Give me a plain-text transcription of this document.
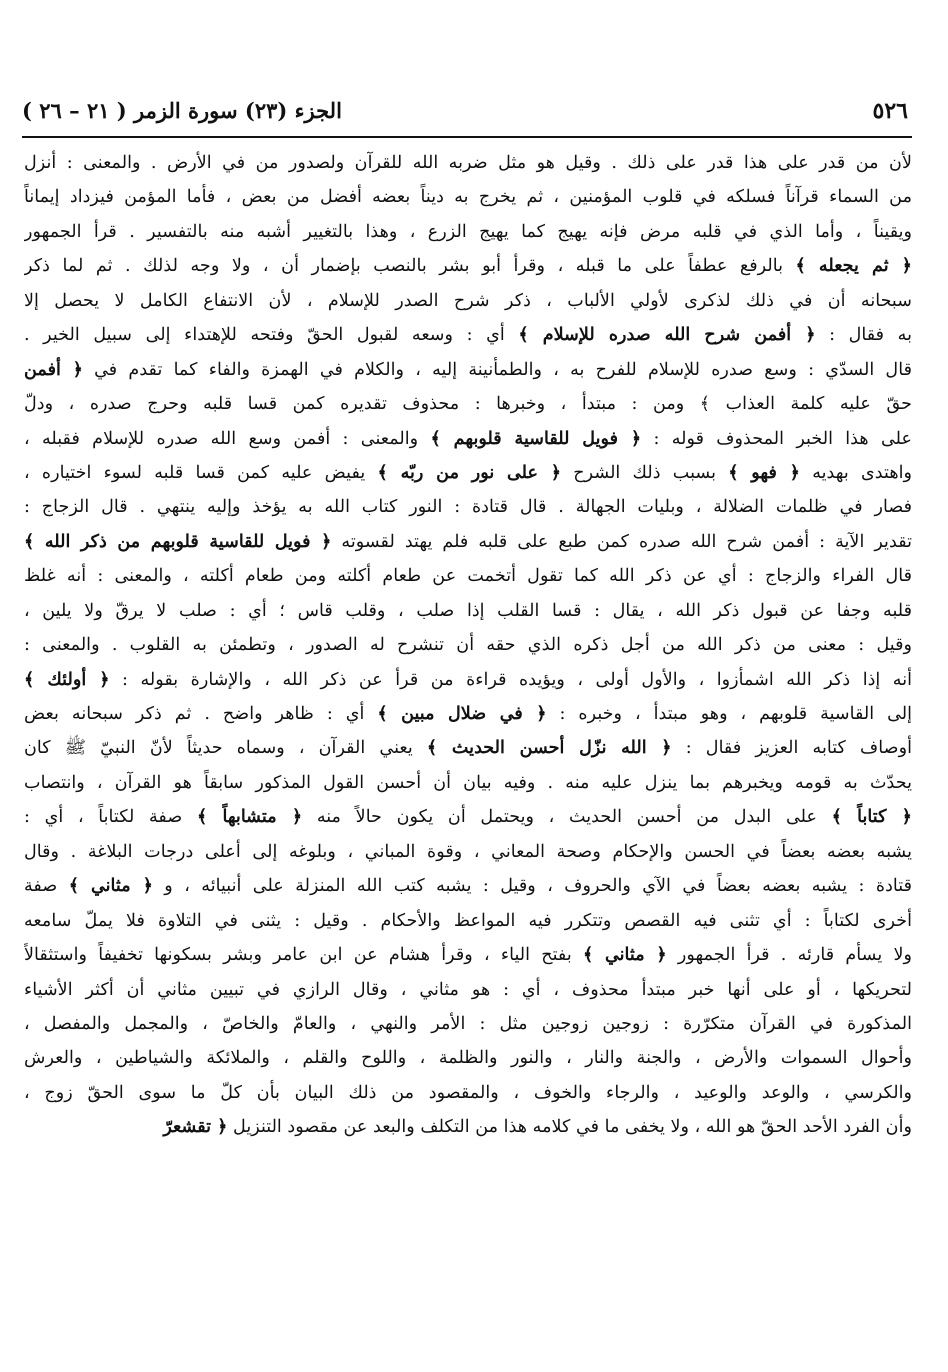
٥٢٦
الجزء (٢٣) سورة الزمر ( ٢١ – ٢٦ )
لأن من قدر على هذا قدر على ذلك . وقيل هو مثل ضربه الله للقرآن ولصدور من في الأرض . والمعنى : أنزل
من السماء قرآناً فسلكه في قلوب المؤمنين ، ثم يخرج به ديناً بعضه أفضل من بعض ، فأما المؤمن فيزداد إيماناً
ويقيناً ، وأما الذي في قلبه مرض فإنه يهيج كما يهيج الزرع ، وهذا بالتغيير أشبه منه بالتفسير . قرأ الجمهور
﴿ ثم يجعله ﴾ بالرفع عطفاً على ما قبله ، وقرأ أبو بشر بالنصب بإضمار أن ، ولا وجه لذلك . ثم لما ذكر
سبحانه أن في ذلك لذكرى لأولي الألباب ، ذكر شرح الصدر للإسلام ، لأن الانتفاع الكامل لا يحصل إلا
به فقال : ﴿ أفمن شرح الله صدره للإسلام ﴾ أي : وسعه لقبول الحقّ وفتحه للإهتداء إلى سبيل الخير .
قال السدّي : وسع صدره للإسلام للفرح به ، والطمأنينة إليه ، والكلام في الهمزة والفاء كما تقدم في ﴿ أفمن
حقّ عليه كلمة العذاب ﴾ ومن : مبتدأ ، وخبرها : محذوف تقديره كمن قسا قلبه وحرج صدره ، ودلّ
على هذا الخبر المحذوف قوله : ﴿ فويل للقاسية قلوبهم ﴾ والمعنى : أفمن وسع الله صدره للإسلام فقبله ،
واهتدى بهديه ﴿ فهو ﴾ بسبب ذلك الشرح ﴿ على نور من ربّه ﴾ يفيض عليه كمن قسا قلبه لسوء اختياره ،
فصار في ظلمات الضلالة ، وبليات الجهالة . قال قتادة : النور كتاب الله به يؤخذ وإليه ينتهي . قال الزجاج :
تقدير الآية : أفمن شرح الله صدره كمن طبع على قلبه فلم يهتد لقسوته ﴿ فويل للقاسية قلوبهم من ذكر الله ﴾
قال الفراء والزجاج : أي عن ذكر الله كما تقول أتخمت عن طعام أكلته ومن طعام أكلته ، والمعنى : أنه غلظ
قلبه وجفا عن قبول ذكر الله ، يقال : قسا القلب إذا صلب ، وقلب قاس ؛ أي : صلب لا يرقّ ولا يلين ،
وقيل : معنى من ذكر الله من أجل ذكره الذي حقه أن تنشرح له الصدور ، وتطمئن به القلوب . والمعنى :
أنه إذا ذكر الله اشمأزوا ، والأول أولى ، ويؤيده قراءة من قرأ عن ذكر الله ، والإشارة بقوله : ﴿ أولئك ﴾
إلى القاسية قلوبهم ، وهو مبتدأ ، وخبره : ﴿ في ضلال مبين ﴾ أي : ظاهر واضح . ثم ذكر سبحانه بعض
أوصاف كتابه العزيز فقال : ﴿ الله نزّل أحسن الحديث ﴾ يعني القرآن ، وسماه حديثاً لأنّ النبيّ ﷺ كان
يحدّث به قومه ويخبرهم بما ينزل عليه منه . وفيه بيان أن أحسن القول المذكور سابقاً هو القرآن ، وانتصاب
﴿ كتاباً ﴾ على البدل من أحسن الحديث ، ويحتمل أن يكون حالاً منه ﴿ متشابهاً ﴾ صفة لكتاباً ، أي :
يشبه بعضه بعضاً في الحسن والإحكام وصحة المعاني ، وقوة المباني ، وبلوغه إلى أعلى درجات البلاغة . وقال
قتادة : يشبه بعضه بعضاً في الآي والحروف ، وقيل : يشبه كتب الله المنزلة على أنبيائه ، و ﴿ مثاني ﴾ صفة
أخرى لكتاباً : أي تثنى فيه القصص وتتكرر فيه المواعظ والأحكام . وقيل : يثنى في التلاوة فلا يملّ سامعه
ولا يسأم قارئه . قرأ الجمهور ﴿ مثاني ﴾ بفتح الياء ، وقرأ هشام عن ابن عامر وبشر بسكونها تخفيفاً واستثقالاً
لتحريكها ، أو على أنها خبر مبتدأ محذوف ، أي : هو مثاني ، وقال الرازي في تبيين مثاني أن أكثر الأشياء
المذكورة في القرآن متكرّرة : زوجين زوجين مثل : الأمر والنهي ، والعامّ والخاصّ ، والمجمل والمفصل ،
وأحوال السموات والأرض ، والجنة والنار ، والنور والظلمة ، واللوح والقلم ، والملائكة والشياطين ، والعرش
والكرسي ، والوعد والوعيد ، والرجاء والخوف ، والمقصود من ذلك البيان بأن كلّ ما سوى الحقّ زوج ،
وأن الفرد الأحد الحقّ هو الله ، ولا يخفى ما في كلامه هذا من التكلف والبعد عن مقصود التنزيل ﴿ تقشعرّ
